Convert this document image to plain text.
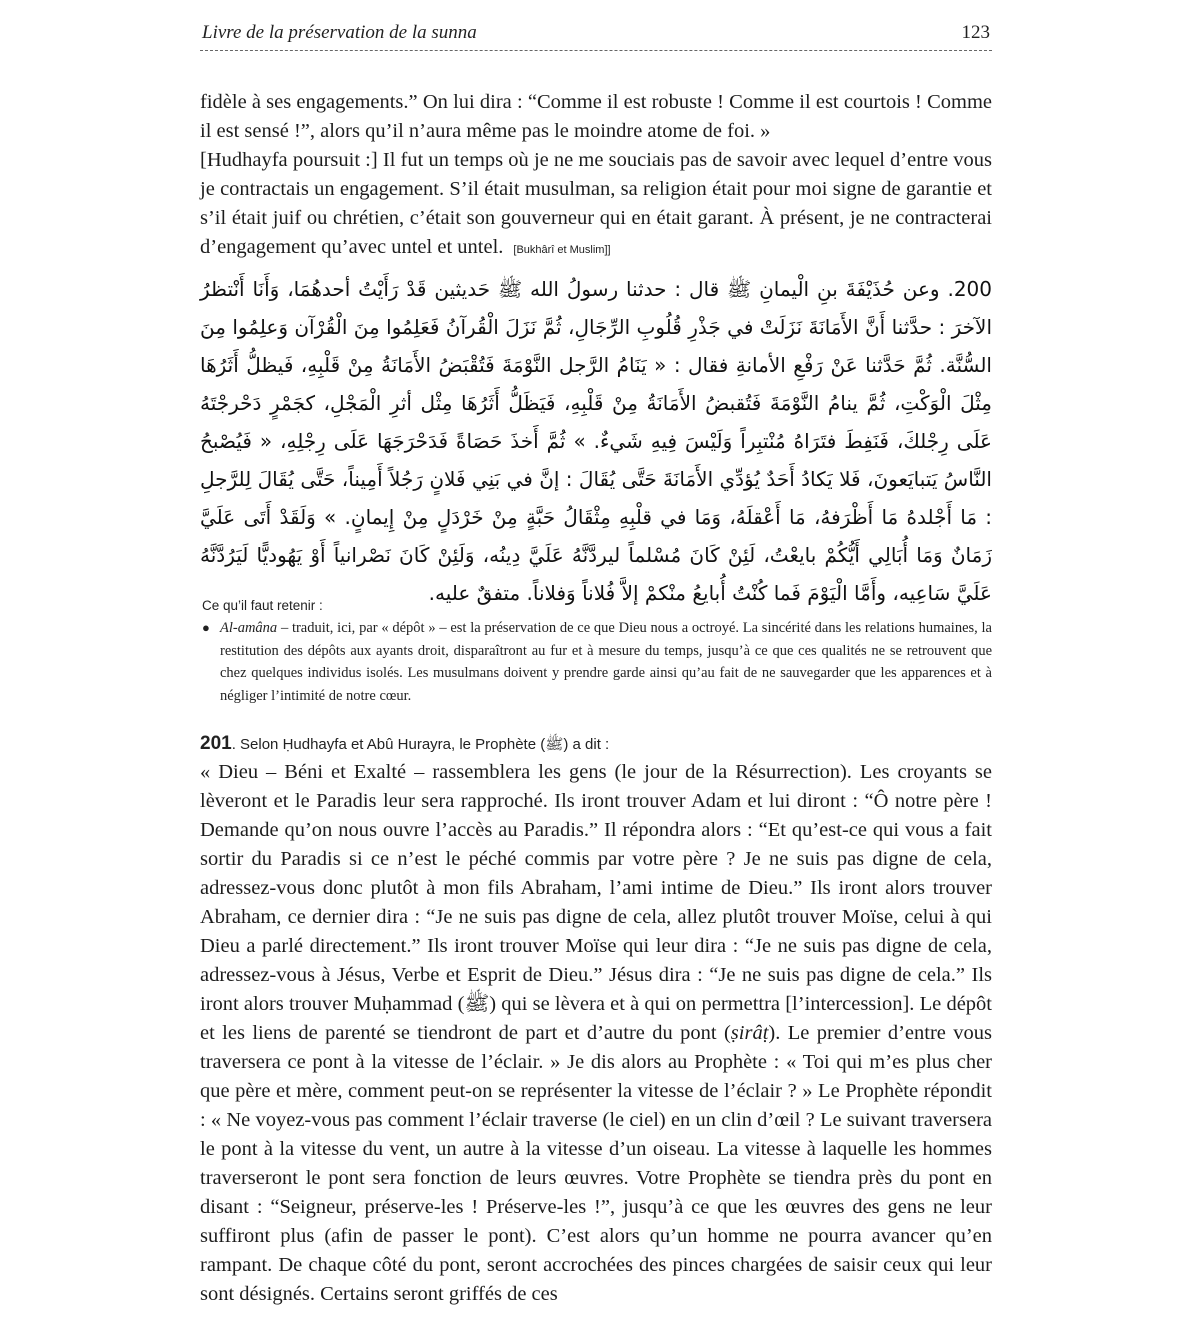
Livre de la préservation de la sunna	123

fidèle à ses engagements.” On lui dira : “Comme il est robuste ! Comme il est courtois ! Comme il est sensé !”, alors qu’il n’aura même pas le moindre atome de foi. »

[Hudhayfa poursuit :] Il fut un temps où je ne me souciais pas de savoir avec lequel d’entre vous je contractais un engagement. S’il était musulman, sa religion était pour moi signe de garantie et s’il était juif ou chrétien, c’était son gouverneur qui en était garant. À présent, je ne contracterai d’engagement qu’avec untel et untel. [Bukhârî et Muslim]]

200. وعن حُذَيْفَةَ بنِ الْيمانِ ﷺ قال : حدثنا رسولُ الله ﷺ حَديثين قَدْ رَأَيْتُ أحدهُمَا، وَأَنَا أَنْتظرُ الآخرَ : حدَّثنا أَنَّ الأَمَانَةَ نَزَلَتْ في جَذْرِ قُلُوبِ الرِّجَالِ، ثُمَّ نَزَلَ الْقُرآنُ فَعَلِمُوا مِنَ الْقُرْآن وَعلِمُوا مِنَ السُّنَّة. ثُمَّ حَدَّثنا عَنْ رَفْعِ الأمانةِ فقال : « يَنَامُ الرَّجل النَّوْمَةَ فَتُقْبَضُ الأَمَانَةُ مِنْ قَلْبِهِ، فَيظلُّ أَثَرُهَا مِثْلَ الْوَكْتِ، ثُمَّ ينامُ النَّوْمَةَ فَتُقبضُ الأَمَانَةُ مِنْ قَلْبِهِ، فَيَظَلُّ أَثَرُهَا مِثْل أثرِ الْمَجْلِ، كجَمْرٍ دَحْرجْتَهُ عَلَى رِجْلكَ، فَنَفِطَ فتَرَاهُ مُنْتبِراً وَلَيْسَ فِيهِ شَيءٌ. » ثُمَّ أَخذَ حَصَاةً فَدَحْرَجَهَا عَلَى رِجْلِهِ، « فَيُصْبحُ النَّاسُ يَتبايَعونَ، فَلا يَكادُ أَحَدٌ يُؤدِّي الأَمَانَةَ حَتَّى يُقَالَ : إنَّ في بَنِي فَلانٍ رَجُلاً أَمِيناً، حَتَّى يُقَالَ لِلرَّجلِ : مَا أَجْلدهُ مَا أَظْرَفهُ، مَا أَعْقلَهُ، وَمَا في قلْبِهِ مِثْقَالُ حَبَّةٍ مِنْ خَرْدَلٍ مِنْ إِيمانٍ. » وَلَقَدْ أَتَى عَلَيَّ زَمَانٌ وَمَا أُبَالِي أَيُّكُمْ بايعْتُ، لَئِنْ كَانَ مُسْلماً ليردَّنَّهُ عَلَيَّ دِينُه، وَلَئِنْ كَانَ نَصْرانياً أَوْ يَهُوديًّا لَيَرُدَّنَّهُ عَلَيَّ سَاعِيه، وأَمَّا الْيَوْمَ فَما كُنْتُ أُبايعُ منْكمْ إلاَّ فُلاناً وَفلاناً. متفقٌ عليه.
Ce qu’il faut retenir :
● Al-amâna – traduit, ici, par « dépôt » – est la préservation de ce que Dieu nous a octroyé. La sincérité dans les relations humaines, la restitution des dépôts aux ayants droit, disparaîtront au fur et à mesure du temps, jusqu’à ce que ces qualités ne se retrouvent que chez quelques individus isolés. Les musulmans doivent y prendre garde ainsi qu’au fait de ne sauvegarder que les apparences et à négliger l’intimité de notre cœur.
201. Selon Ḥudhayfa et Abû Hurayra, le Prophète (ﷺ) a dit :

« Dieu – Béni et Exalté – rassemblera les gens (le jour de la Résurrection). Les croyants se lèveront et le Paradis leur sera rapproché. Ils iront trouver Adam et lui diront : “Ô notre père ! Demande qu’on nous ouvre l’accès au Paradis.” Il répondra alors : “Et qu’est-ce qui vous a fait sortir du Paradis si ce n’est le péché commis par votre père ? Je ne suis pas digne de cela, adressez-vous donc plutôt à mon fils Abraham, l’ami intime de Dieu.” Ils iront alors trouver Abraham, ce dernier dira : “Je ne suis pas digne de cela, allez plutôt trouver Moïse, celui à qui Dieu a parlé directement.” Ils iront trouver Moïse qui leur dira : “Je ne suis pas digne de cela, adressez-vous à Jésus, Verbe et Esprit de Dieu.” Jésus dira : “Je ne suis pas digne de cela.” Ils iront alors trouver Muḥammad (ﷺ) qui se lèvera et à qui on permettra [l’intercession]. Le dépôt et les liens de parenté se tiendront de part et d’autre du pont (ṣirâṭ). Le premier d’entre vous traversera ce pont à la vitesse de l’éclair. » Je dis alors au Prophète : « Toi qui m’es plus cher que père et mère, comment peut-on se représenter la vitesse de l’éclair ? » Le Prophète répondit : « Ne voyez-vous pas comment l’éclair traverse (le ciel) en un clin d’œil ? Le suivant traversera le pont à la vitesse du vent, un autre à la vitesse d’un oiseau. La vitesse à laquelle les hommes traverseront le pont sera fonction de leurs œuvres. Votre Prophète se tiendra près du pont en disant : “Seigneur, préserve-les ! Préserve-les !”, jusqu’à ce que les œuvres des gens ne leur suffiront plus (afin de passer le pont). C’est alors qu’un homme ne pourra avancer qu’en rampant. De chaque côté du pont, seront accrochées des pinces chargées de saisir ceux qui leur sont désignés. Certains seront griffés de ces
